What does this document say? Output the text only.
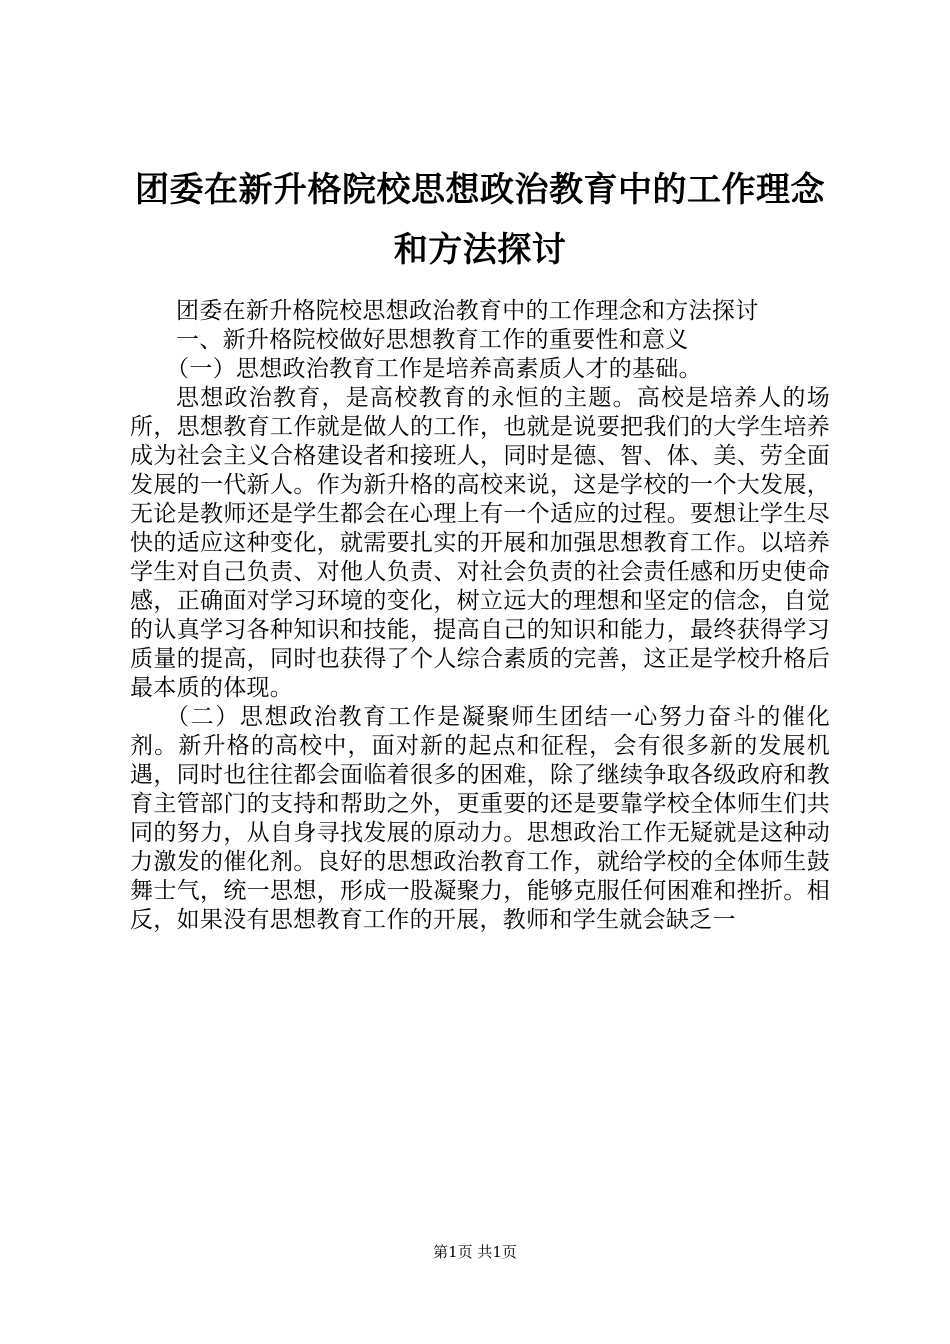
团委在新升格院校思想政治教育中的工作理念和方法探讨

团委在新升格院校思想政治教育中的工作理念和方法探讨

一、新升格院校做好思想教育工作的重要性和意义

（一）思想政治教育工作是培养高素质人才的基础。

思想政治教育，是高校教育的永恒的主题。高校是培养人的场所，思想教育工作就是做人的工作，也就是说要把我们的大学生培养成为社会主义合格建设者和接班人，同时是德、智、体、美、劳全面发展的一代新人。作为新升格的高校来说，这是学校的一个大发展，无论是教师还是学生都会在心理上有一个适应的过程。要想让学生尽快的适应这种变化，就需要扎实的开展和加强思想教育工作。以培养学生对自己负责、对他人负责、对社会负责的社会责任感和历史使命感，正确面对学习环境的变化，树立远大的理想和坚定的信念，自觉的认真学习各种知识和技能，提高自己的知识和能力，最终获得学习质量的提高，同时也获得了个人综合素质的完善，这正是学校升格后最本质的体现。

（二）思想政治教育工作是凝聚师生团结一心努力奋斗的催化剂。新升格的高校中，面对新的起点和征程，会有很多新的发展机遇，同时也往往都会面临着很多的困难，除了继续争取各级政府和教育主管部门的支持和帮助之外，更重要的还是要靠学校全体师生们共同的努力，从自身寻找发展的原动力。思想政治工作无疑就是这种动力激发的催化剂。良好的思想政治教育工作，就给学校的全体师生鼓舞士气，统一思想，形成一股凝聚力，能够克服任何困难和挫折。相反，如果没有思想教育工作的开展，教师和学生就会缺乏一

第1页 共1页
